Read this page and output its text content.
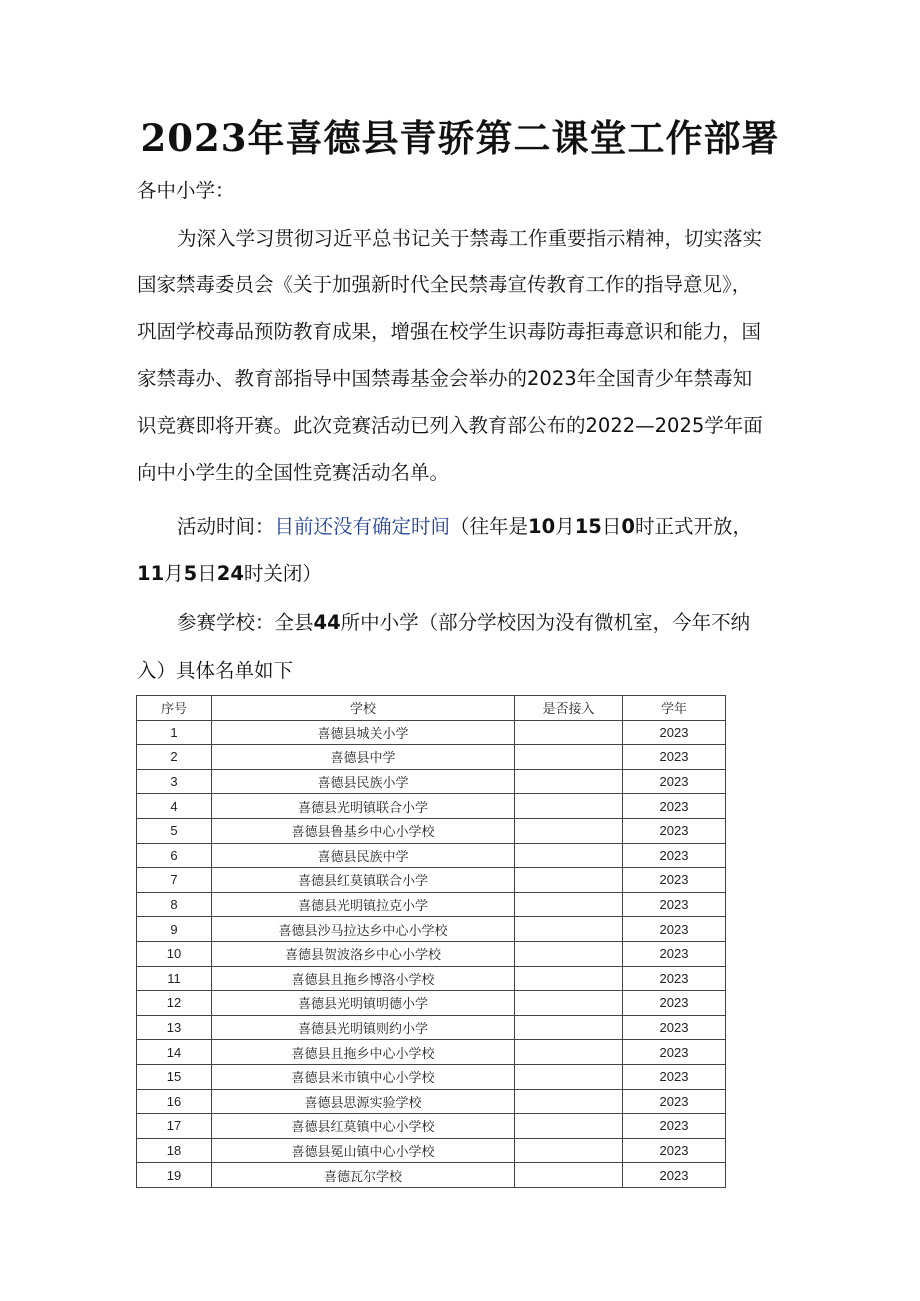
2023年喜德县青骄第二课堂工作部署
各中小学：
为深入学习贯彻习近平总书记关于禁毒工作重要指示精神，切实落实
国家禁毒委员会《关于加强新时代全民禁毒宣传教育工作的指导意见》，
巩固学校毒品预防教育成果，增强在校学生识毒防毒拒毒意识和能力，国
家禁毒办、教育部指导中国禁毒基金会举办的2023年全国青少年禁毒知
识竞赛即将开赛。此次竞赛活动已列入教育部公布的2022—2025学年面
向中小学生的全国性竞赛活动名单。
活动时间：目前还没有确定时间（往年是10月15日0时正式开放，
11月5日24时关闭）
参赛学校：全县44所中小学（部分学校因为没有微机室，今年不纳
入）具体名单如下
序号	学校	是否接入	学年
1	喜德县城关小学		2023
2	喜德县中学		2023
3	喜德县民族小学		2023
4	喜德县光明镇联合小学		2023
5	喜德县鲁基乡中心小学校		2023
6	喜德县民族中学		2023
7	喜德县红莫镇联合小学		2023
8	喜德县光明镇拉克小学		2023
9	喜德县沙马拉达乡中心小学校		2023
10	喜德县贺波洛乡中心小学校		2023
11	喜德县且拖乡博洛小学校		2023
12	喜德县光明镇明德小学		2023
13	喜德县光明镇则约小学		2023
14	喜德县且拖乡中心小学校		2023
15	喜德县米市镇中心小学校		2023
16	喜德县思源实验学校		2023
17	喜德县红莫镇中心小学校		2023
18	喜德县冕山镇中心小学校		2023
19	喜德瓦尔学校		2023
